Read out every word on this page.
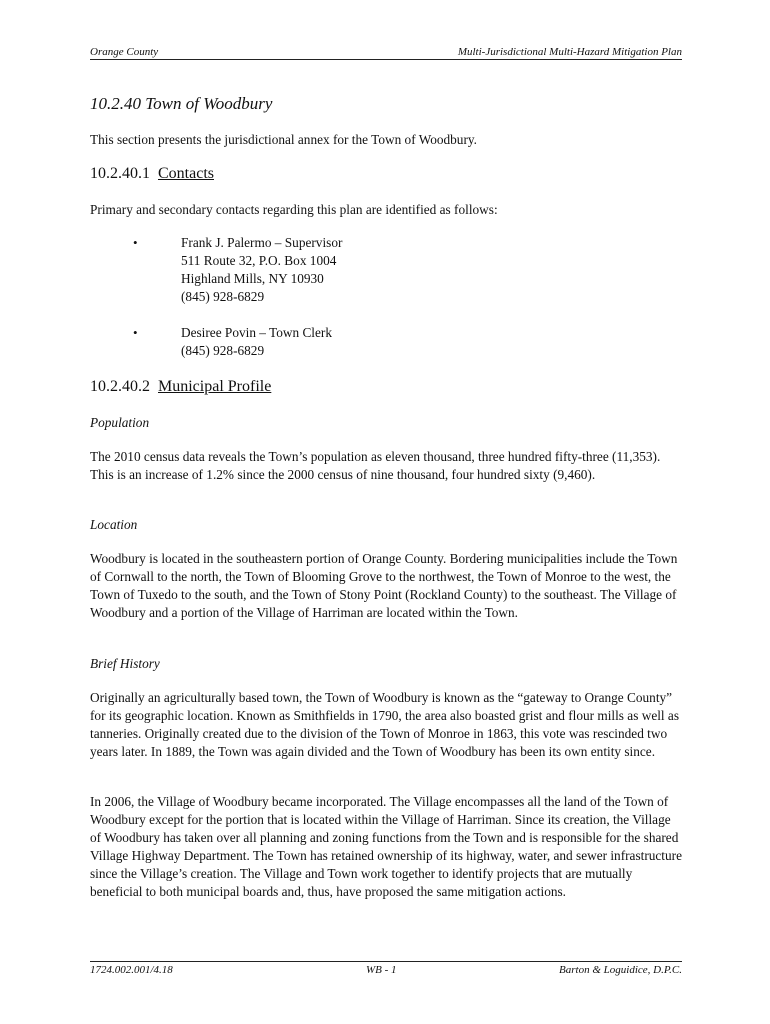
Orange County	Multi-Jurisdictional Multi-Hazard Mitigation Plan
10.2.40 Town of Woodbury

This section presents the jurisdictional annex for the Town of Woodbury.

10.2.40.1 Contacts

Primary and secondary contacts regarding this plan are identified as follows:

•	Frank J. Palermo – Supervisor
511 Route 32, P.O. Box 1004
Highland Mills, NY 10930
(845) 928-6829
•	Desiree Povin – Town Clerk
(845) 928-6829
10.2.40.2 Municipal Profile

Population

The 2010 census data reveals the Town’s population as eleven thousand, three hundred fifty-three (11,353). This is an increase of 1.2% since the 2000 census of nine thousand, four hundred sixty (9,460).

Location

Woodbury is located in the southeastern portion of Orange County. Bordering municipalities include the Town of Cornwall to the north, the Town of Blooming Grove to the northwest, the Town of Monroe to the west, the Town of Tuxedo to the south, and the Town of Stony Point (Rockland County) to the southeast. The Village of Woodbury and a portion of the Village of Harriman are located within the Town.

Brief History

Originally an agriculturally based town, the Town of Woodbury is known as the “gateway to Orange County” for its geographic location. Known as Smithfields in 1790, the area also boasted grist and flour mills as well as tanneries. Originally created due to the division of the Town of Monroe in 1863, this vote was rescinded two years later. In 1889, the Town was again divided and the Town of Woodbury has been its own entity since.

In 2006, the Village of Woodbury became incorporated. The Village encompasses all the land of the Town of Woodbury except for the portion that is located within the Village of Harriman. Since its creation, the Village of Woodbury has taken over all planning and zoning functions from the Town and is responsible for the shared Village Highway Department. The Town has retained ownership of its highway, water, and sewer infrastructure since the Village’s creation. The Village and Town work together to identify projects that are mutually beneficial to both municipal boards and, thus, have proposed the same mitigation actions.

1724.002.001/4.18	WB - 1	Barton & Loguidice, D.P.C.
